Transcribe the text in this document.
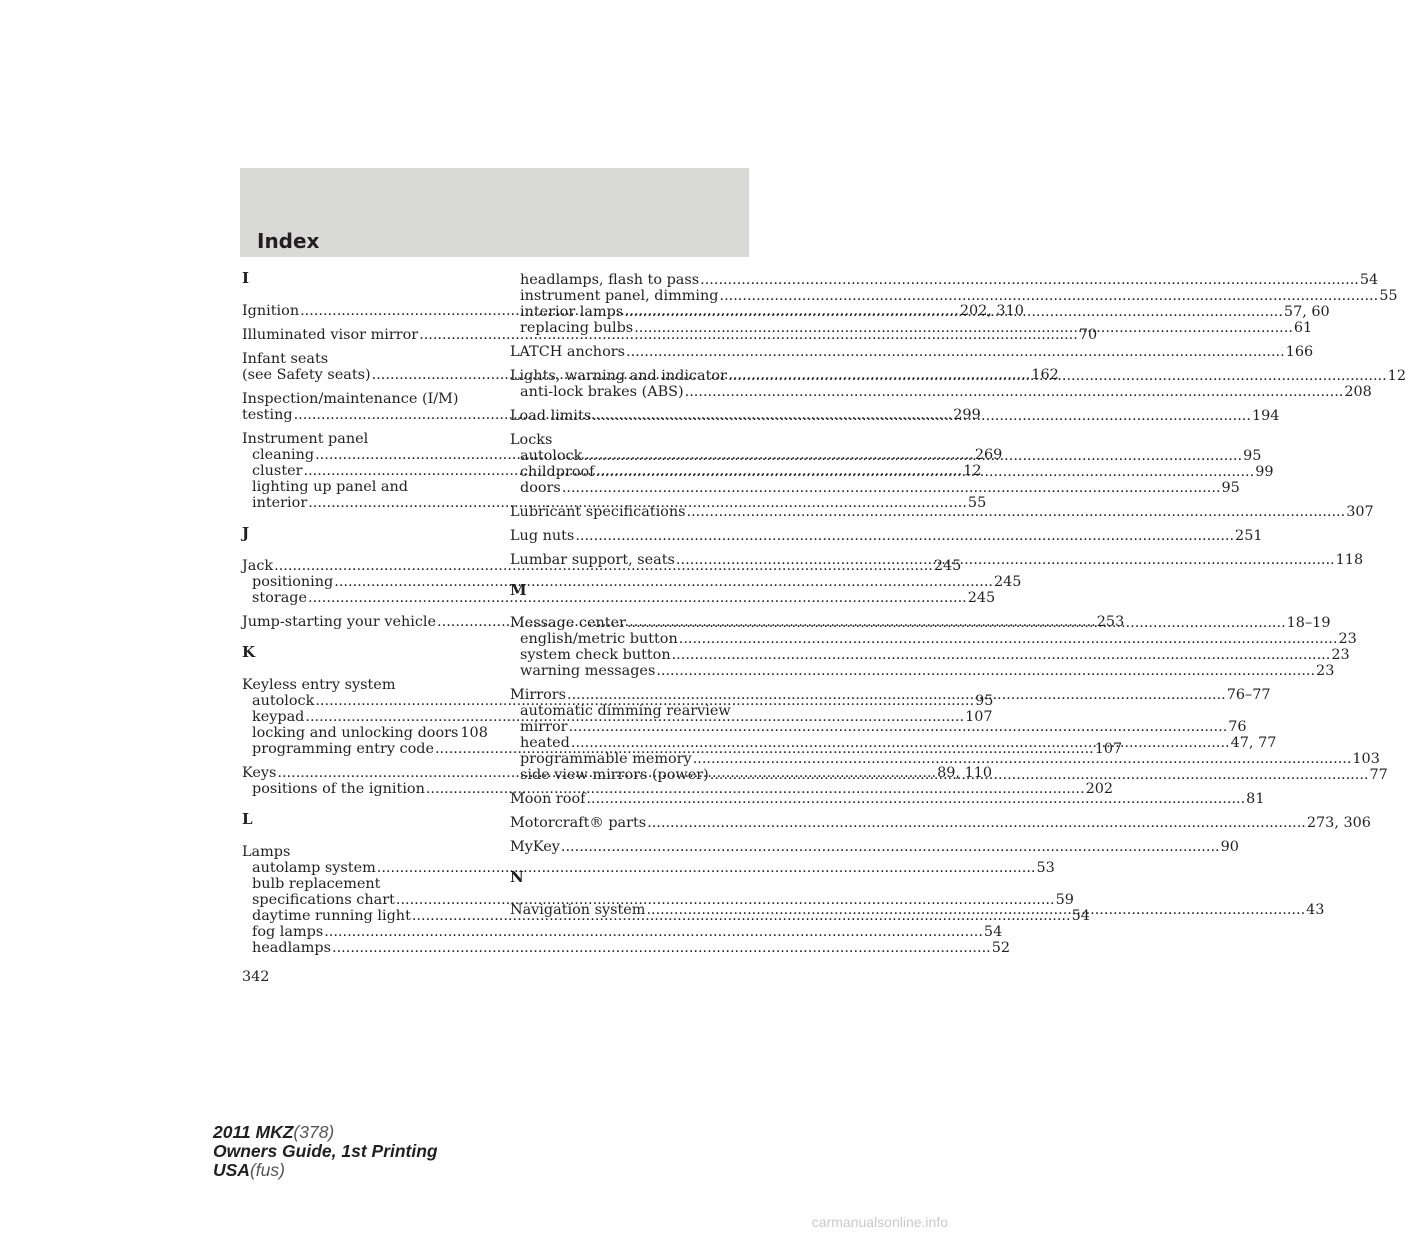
Index
I
Ignition .....	202, 310
Illuminated visor mirror .....	70
Infant seats
(see Safety seats) .....	162
Inspection/maintenance (I/M)
testing .....	299
Instrument panel
cleaning .....	269
cluster .....	12
lighting up panel and
interior .....	55
J
Jack .....	245
positioning .....	245
storage .....	245
Jump-starting your vehicle .....	253
K
Keyless entry system
autolock .....	95
keypad .....	107
locking and unlocking doors 108
programming entry code .....	107
Keys .....	89, 110
positions of the ignition .....	202
L
Lamps
autolamp system .....	53
bulb replacement
specifications chart .....	59
daytime running light .....	54
fog lamps .....	54
headlamps .....	52
headlamps, flash to pass .....	54
instrument panel, dimming .....	55
interior lamps .....	57, 60
replacing bulbs .....	61
LATCH anchors .....	166
Lights, warning and indicator .....	12
anti-lock brakes (ABS) .....	208
Load limits .....	194
Locks
autolock .....	95
childproof .....	99
doors .....	95
Lubricant specifications .....	307
Lug nuts .....	251
Lumbar support, seats .....	118
M
Message center .....	18–19
english/metric button .....	23
system check button .....	23
warning messages .....	23
Mirrors .....	76–77
automatic dimming rearview
mirror .....	76
heated .....	47, 77
programmable memory .....	103
side view mirrors (power) .....	77
Moon roof .....	81
Motorcraft® parts .....	273, 306
MyKey .....	90
N
Navigation system .....	43
342
2011 MKZ(378)
Owners Guide, 1st Printing
USA(fus)
carmanualsonline.info
